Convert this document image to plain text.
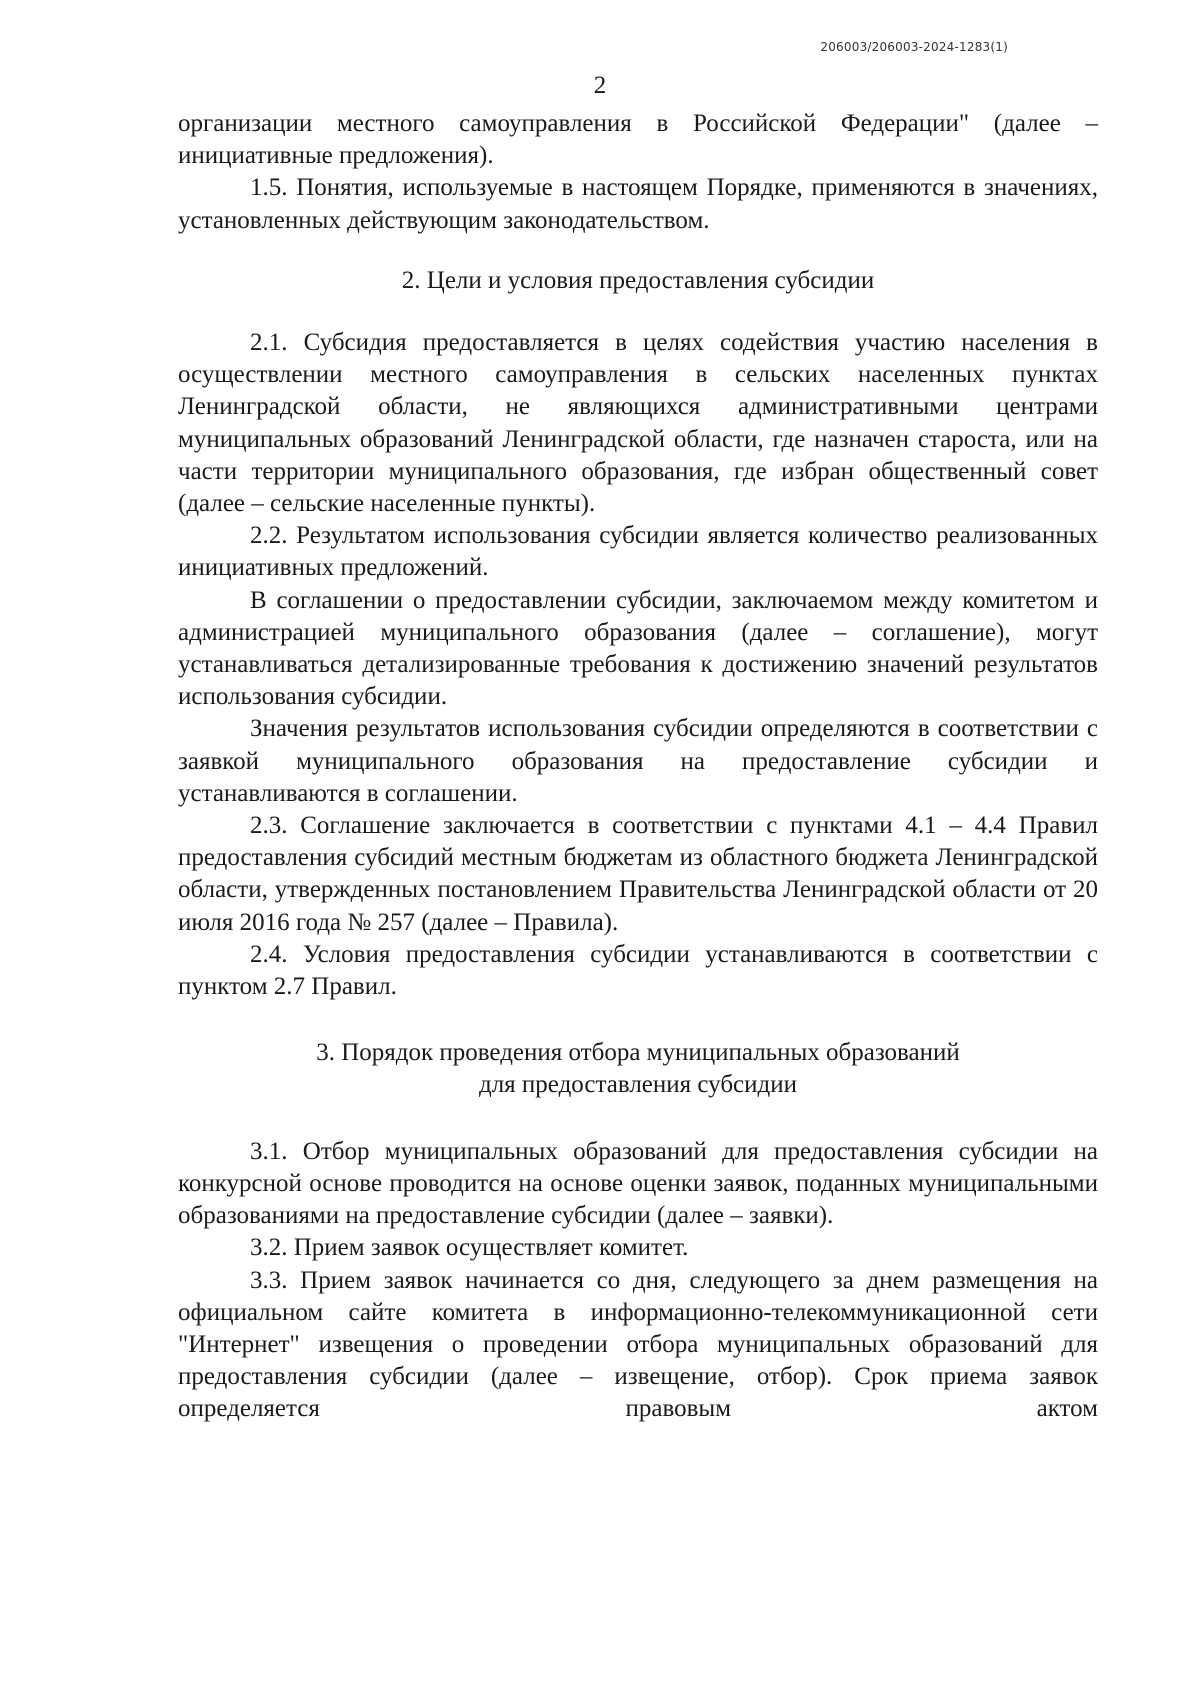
206003/206003-2024-1283(1)
2

организации местного самоуправления в Российской Федерации" (далее – инициативные предложения).

1.5. Понятия, используемые в настоящем Порядке, применяются в значениях, установленных действующим законодательством.

2. Цели и условия предоставления субсидии

2.1. Субсидия предоставляется в целях содействия участию населения в осуществлении местного самоуправления в сельских населенных пунктах Ленинградской области, не являющихся административными центрами муниципальных образований Ленинградской области, где назначен староста, или на части территории муниципального образования, где избран общественный совет (далее – сельские населенные пункты).

2.2. Результатом использования субсидии является количество реализованных инициативных предложений.

В соглашении о предоставлении субсидии, заключаемом между комитетом и администрацией муниципального образования (далее – соглашение), могут устанавливаться детализированные требования к достижению значений результатов использования субсидии.

Значения результатов использования субсидии определяются в соответствии с заявкой муниципального образования на предоставление субсидии и устанавливаются в соглашении.

2.3. Соглашение заключается в соответствии с пунктами 4.1 – 4.4 Правил предоставления субсидий местным бюджетам из областного бюджета Ленинградской области, утвержденных постановлением Правительства Ленинградской области от 20 июля 2016 года № 257 (далее – Правила).

2.4. Условия предоставления субсидии устанавливаются в соответствии с пунктом 2.7 Правил.

3. Порядок проведения отбора муниципальных образований

для предоставления субсидии

3.1. Отбор муниципальных образований для предоставления субсидии на конкурсной основе проводится на основе оценки заявок, поданных муниципальными образованиями на предоставление субсидии (далее – заявки).

3.2. Прием заявок осуществляет комитет.

3.3. Прием заявок начинается со дня, следующего за днем размещения на официальном сайте комитета в информационно-телекоммуникационной сети "Интернет" извещения о проведении отбора муниципальных образований для предоставления субсидии (далее – извещение, отбор). Срок приема заявок определяется правовым актом
